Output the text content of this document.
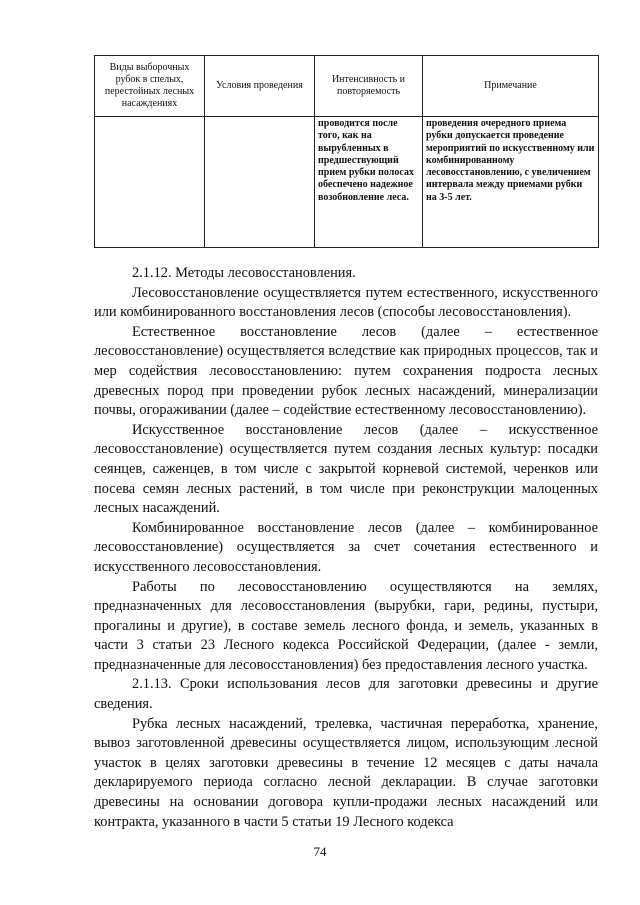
Виды выборочных рубок в спелых, перестойных лесных насаждениях	Условия проведения	Интенсивность и повторяемость	Примечание
		проводится после того, как на вырубленных в предшествующий прием рубки полосах обеспечено надежное возобновление леса.	проведения очередного приема рубки допускается проведение мероприятий по искусственному или комбинированному лесовосстановлению, с увеличением интервала между приемами рубки на 3-5 лет.

2.1.12. Методы лесовосстановления.

Лесовосстановление осуществляется путем естественного, искусственного или комбинированного восстановления лесов (способы лесовосстановления).

Естественное восстановление лесов (далее – естественное лесовосстановление) осуществляется вследствие как природных процессов, так и мер содействия лесовосстановлению: путем сохранения подроста лесных древесных пород при проведении рубок лесных насаждений, минерализации почвы, огораживании (далее – содействие естественному лесовосстановлению).

Искусственное восстановление лесов (далее – искусственное лесовосстановление) осуществляется путем создания лесных культур: посадки сеянцев, саженцев, в том числе с закрытой корневой системой, черенков или посева семян лесных растений, в том числе при реконструкции малоценных лесных насаждений.

Комбинированное восстановление лесов (далее – комбинированное лесовосстановление) осуществляется за счет сочетания естественного и искусственного лесовосстановления.

Работы по лесовосстановлению осуществляются на землях, предназначенных для лесовосстановления (вырубки, гари, редины, пустыри, прогалины и другие), в составе земель лесного фонда, и земель, указанных в части 3 статьи 23 Лесного кодекса Российской Федерации, (далее - земли, предназначенные для лесовосстановления) без предоставления лесного участка.

2.1.13. Сроки использования лесов для заготовки древесины и другие сведения.

Рубка лесных насаждений, трелевка, частичная переработка, хранение, вывоз заготовленной древесины осуществляется лицом, использующим лесной участок в целях заготовки древесины в течение 12 месяцев с даты начала декларируемого периода согласно лесной декларации. В случае заготовки древесины на основании договора купли-продажи лесных насаждений или контракта, указанного в части 5 статьи 19 Лесного кодекса

74
